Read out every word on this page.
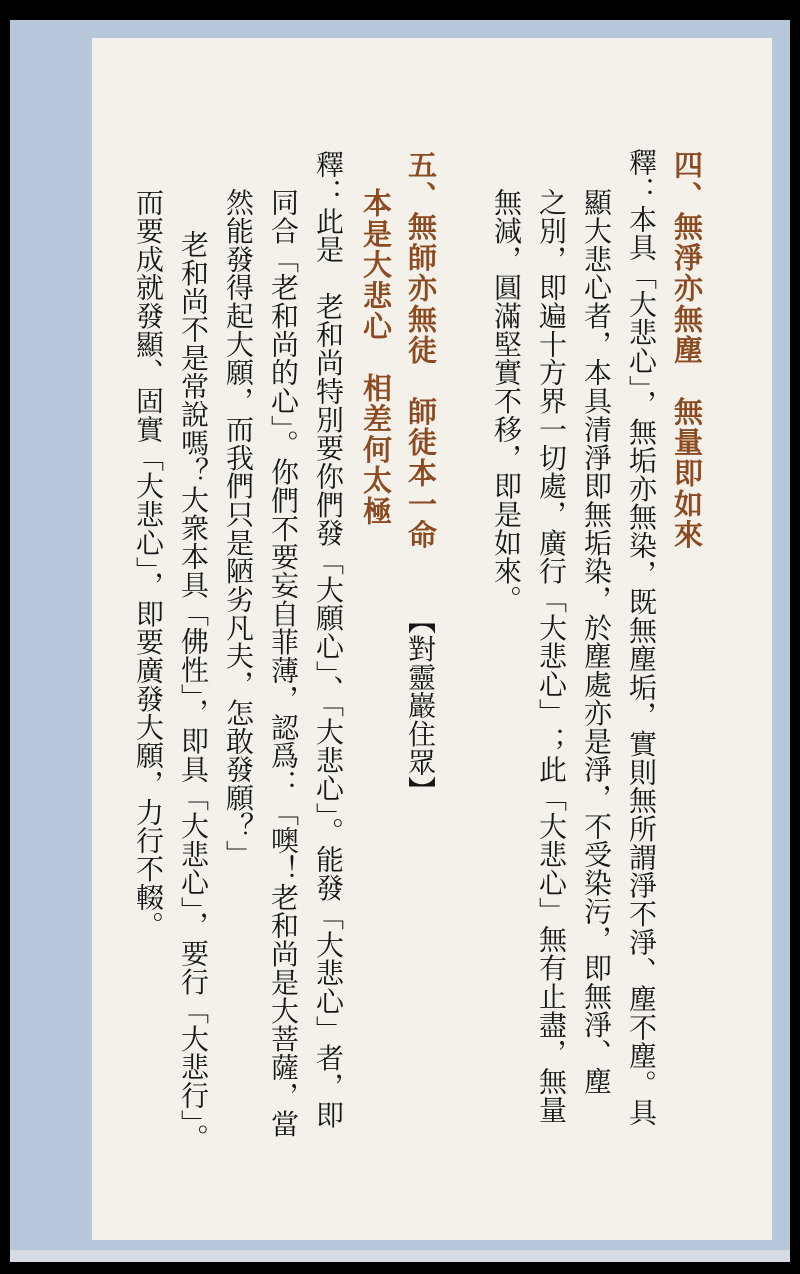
四、無淨亦無塵　無量即如來
釋：本具「大悲心」，無垢亦無染，既無塵垢，實則無所謂淨不淨、塵不塵。具
顯大悲心者，本具清淨即無垢染，於塵處亦是淨，不受染污，即無淨、塵
之別，即遍十方界一切處，廣行「大悲心」；此「大悲心」無有止盡，無量
無減，圓滿堅實不移，即是如來。
五、無師亦無徒　師徒本一命
本是大悲心　相差何太極
【對靈巖住眾】
釋：此是　老和尚特別要你們發「大願心」、「大悲心」。能發「大悲心」者，即
同合「老和尚的心」。你們不要妄自菲薄，認爲：「噢！老和尚是大菩薩，當
然能發得起大願，而我們只是陋劣凡夫，怎敢發願？」
老和尚不是常說嗎？大衆本具「佛性」，即具「大悲心」，要行「大悲行」。
而要成就發顯、固實「大悲心」，即要廣發大願，力行不輟。
